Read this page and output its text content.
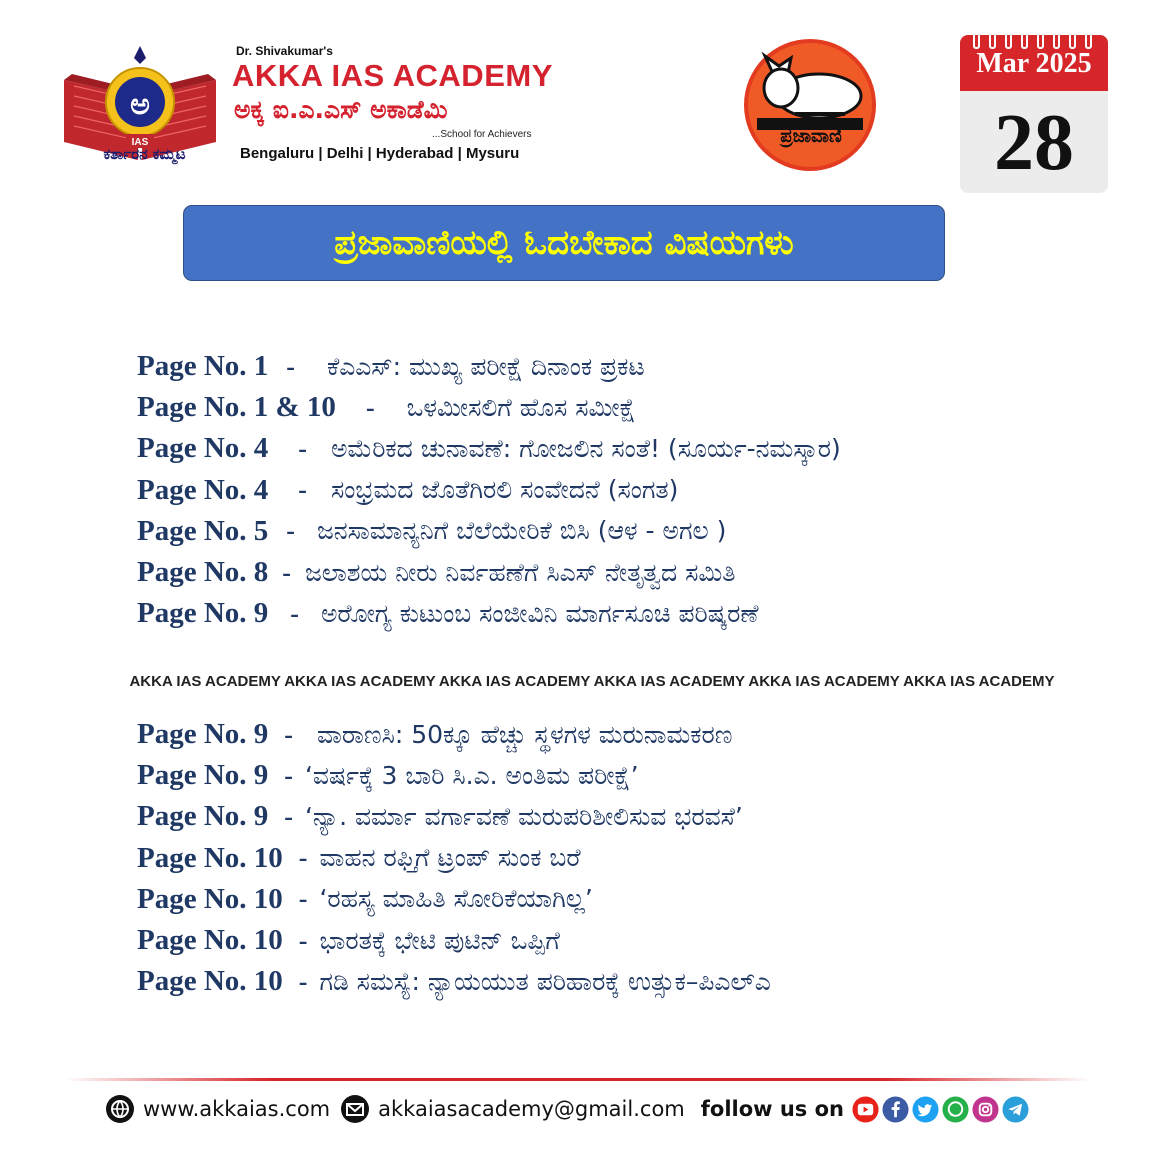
ಅ
IAS
ಕರ್ತಾರನ ಕಮ್ಮಟ
Dr. Shivakumar's
AKKA IAS ACADEMY
ಅಕ್ಕ ಐ.ಎ.ಎಸ್ ಅಕಾಡೆಮಿ
...School for Achievers
Bengaluru | Delhi | Hyderabad | Mysuru
ಪ್ರಜಾವಾಣಿ
Mar 2025
28
ಪ್ರಜಾವಾಣಿಯಲ್ಲಿ ಓದಬೇಕಾದ ವಿಷಯಗಳು
Page No. 1 -	ಕೆಎಎಸ್: ಮುಖ್ಯ ಪರೀಕ್ಷೆ ದಿನಾಂಕ ಪ್ರಕಟ
Page No. 1 & 10	-	ಒಳಮೀಸಲಿಗೆ ಹೊಸ ಸಮೀಕ್ಷೆ
Page No. 4	- ಅಮೆರಿಕದ ಚುನಾವಣೆ: ಗೋಜಲಿನ ಸಂತೆ! (ಸೂರ್ಯ-ನಮಸ್ಕಾರ)
Page No. 4	- ಸಂಭ್ರಮದ ಜೊತೆಗಿರಲಿ ಸಂವೇದನೆ (ಸಂಗತ)
Page No. 5 - ಜನಸಾಮಾನ್ಯನಿಗೆ ಬೆಲೆಯೇರಿಕೆ ಬಿಸಿ (ಆಳ - ಅಗಲ )
Page No. 8 - ಜಲಾಶಯ ನೀರು ನಿರ್ವಹಣೆಗೆ ಸಿಎಸ್ ನೇತೃತ್ವದ ಸಮಿತಿ
Page No. 9 - ಅರೋಗ್ಯ ಕುಟುಂಬ ಸಂಜೀವಿನಿ ಮಾರ್ಗಸೂಚಿ ಪರಿಷ್ಕರಣೆ
AKKA IAS ACADEMY AKKA IAS ACADEMY AKKA IAS ACADEMY AKKA IAS ACADEMY AKKA IAS ACADEMY AKKA IAS ACADEMY
Page No. 9 - ವಾರಾಣಸಿ: 50ಕ್ಕೂ ಹೆಚ್ಚು ಸ್ಥಳಗಳ ಮರುನಾಮಕರಣ
Page No. 9 - ‘ವರ್ಷಕ್ಕೆ 3 ಬಾರಿ ಸಿ.ಎ. ಅಂತಿಮ ಪರೀಕ್ಷೆ’
Page No. 9 - ‘ನ್ಯಾ. ವರ್ಮಾ ವರ್ಗಾವಣೆ ಮರುಪರಿಶೀಲಿಸುವ ಭರವಸೆ’
Page No. 10 - ವಾಹನ ರಫ್ತಿಗೆ ಟ್ರಂಪ್ ಸುಂಕ ಬರೆ
Page No. 10 - ‘ರಹಸ್ಯ ಮಾಹಿತಿ ಸೋರಿಕೆಯಾಗಿಲ್ಲ’
Page No. 10 - ಭಾರತಕ್ಕೆ ಭೇಟಿ ಪುಟಿನ್ ಒಪ್ಪಿಗೆ
Page No. 10 - ಗಡಿ ಸಮಸ್ಯೆ: ನ್ಯಾಯಯುತ ಪರಿಹಾರಕ್ಕೆ ಉತ್ಸುಕ–ಪಿಎಲ್‌ಎ
www.akkaias.com akkaiasacademy@gmail.com follow us on
